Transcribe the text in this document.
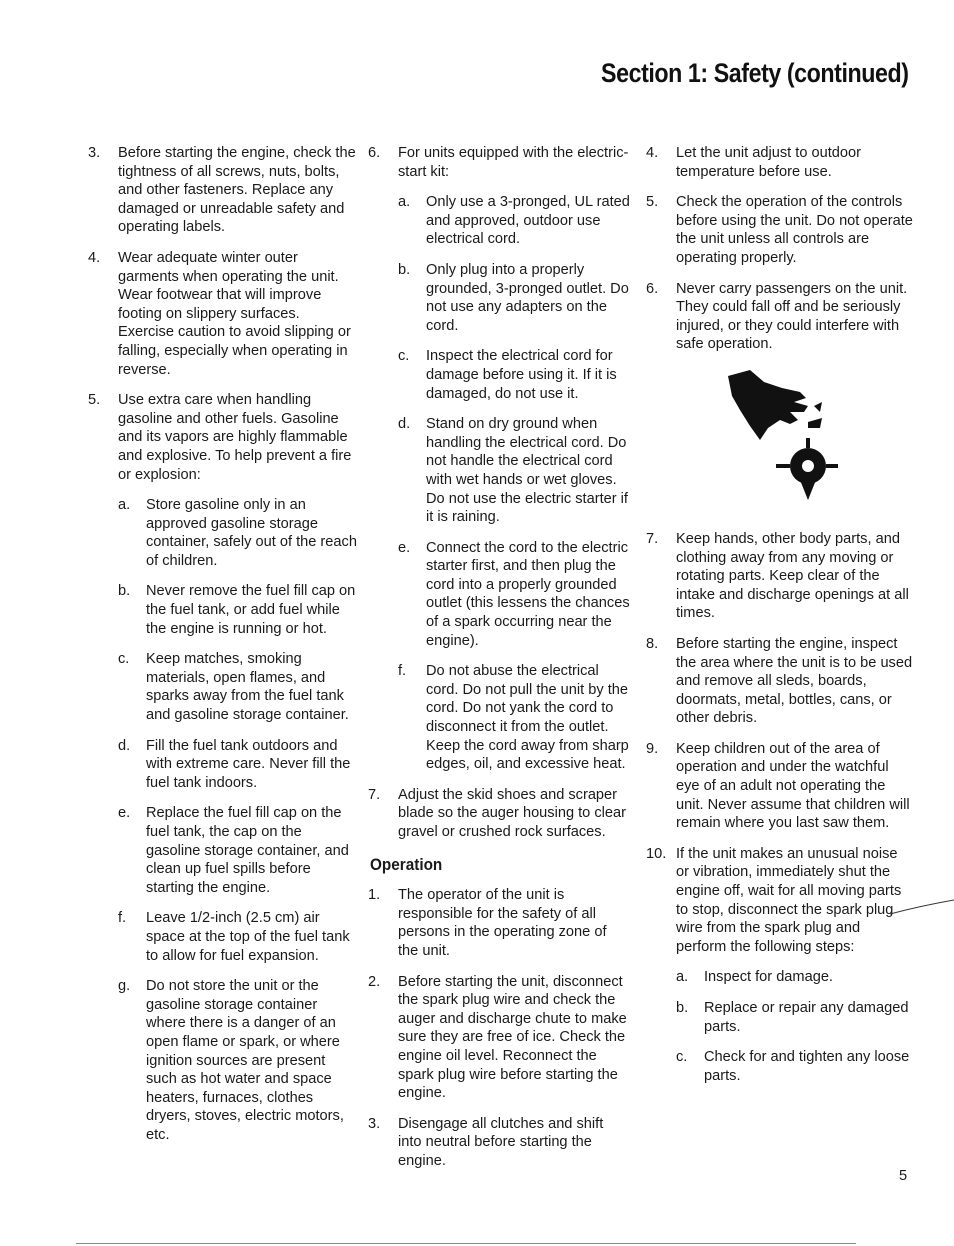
Section 1: Safety (continued)
3. Before starting the engine, check the tightness of all screws, nuts, bolts, and other fasteners. Replace any damaged or unreadable safety and operating labels.
4. Wear adequate winter outer garments when operating the unit. Wear footwear that will improve footing on slippery surfaces. Exercise caution to avoid slipping or falling, especially when operating in reverse.
5. Use extra care when handling gasoline and other fuels. Gasoline and its vapors are highly flammable and explosive. To help prevent a fire or explosion:
a. Store gasoline only in an approved gasoline storage container, safely out of the reach of children.
b. Never remove the fuel fill cap on the fuel tank, or add fuel while the engine is running or hot.
c. Keep matches, smoking materials, open flames, and sparks away from the fuel tank and gasoline storage container.
d. Fill the fuel tank outdoors and with extreme care. Never fill the fuel tank indoors.
e. Replace the fuel fill cap on the fuel tank, the cap on the gasoline storage container, and clean up fuel spills before starting the engine.
f. Leave 1/2-inch (2.5 cm) air space at the top of the fuel tank to allow for fuel expansion.
g. Do not store the unit or the gasoline storage container where there is a danger of an open flame or spark, or where ignition sources are present such as hot water and space heaters, furnaces, clothes dryers, stoves, electric motors, etc.
6. For units equipped with the electric-start kit:
a. Only use a 3-pronged, UL rated and approved, outdoor use electrical cord.
b. Only plug into a properly grounded, 3-pronged outlet. Do not use any adapters on the cord.
c. Inspect the electrical cord for damage before using it. If it is damaged, do not use it.
d. Stand on dry ground when handling the electrical cord. Do not handle the electrical cord with wet hands or wet gloves. Do not use the electric starter if it is raining.
e. Connect the cord to the electric starter first, and then plug the cord into a properly grounded outlet (this lessens the chances of a spark occurring near the engine).
f. Do not abuse the electrical cord. Do not pull the unit by the cord. Do not yank the cord to disconnect it from the outlet. Keep the cord away from sharp edges, oil, and excessive heat.
7. Adjust the skid shoes and scraper blade so the auger housing to clear gravel or crushed rock surfaces.
Operation
1. The operator of the unit is responsible for the safety of all persons in the operating zone of the unit.
2. Before starting the unit, disconnect the spark plug wire and check the auger and discharge chute to make sure they are free of ice. Check the engine oil level. Reconnect the spark plug wire before starting the engine.
3. Disengage all clutches and shift into neutral before starting the engine.
4. Let the unit adjust to outdoor temperature before use.
5. Check the operation of the controls before using the unit. Do not operate the unit unless all controls are operating properly.
6. Never carry passengers on the unit. They could fall off and be seriously injured, or they could interfere with safe operation.
7. Keep hands, other body parts, and clothing away from any moving or rotating parts. Keep clear of the intake and discharge openings at all times.
8. Before starting the engine, inspect the area where the unit is to be used and remove all sleds, boards, doormats, metal, bottles, cans, or other debris.
9. Keep children out of the area of operation and under the watchful eye of an adult not operating the unit. Never assume that children will remain where you last saw them.
10. If the unit makes an unusual noise or vibration, immediately shut the engine off, wait for all moving parts to stop, disconnect the spark plug wire from the spark plug and perform the following steps:
a. Inspect for damage.
b. Replace or repair any damaged parts.
c. Check for and tighten any loose parts.
5
